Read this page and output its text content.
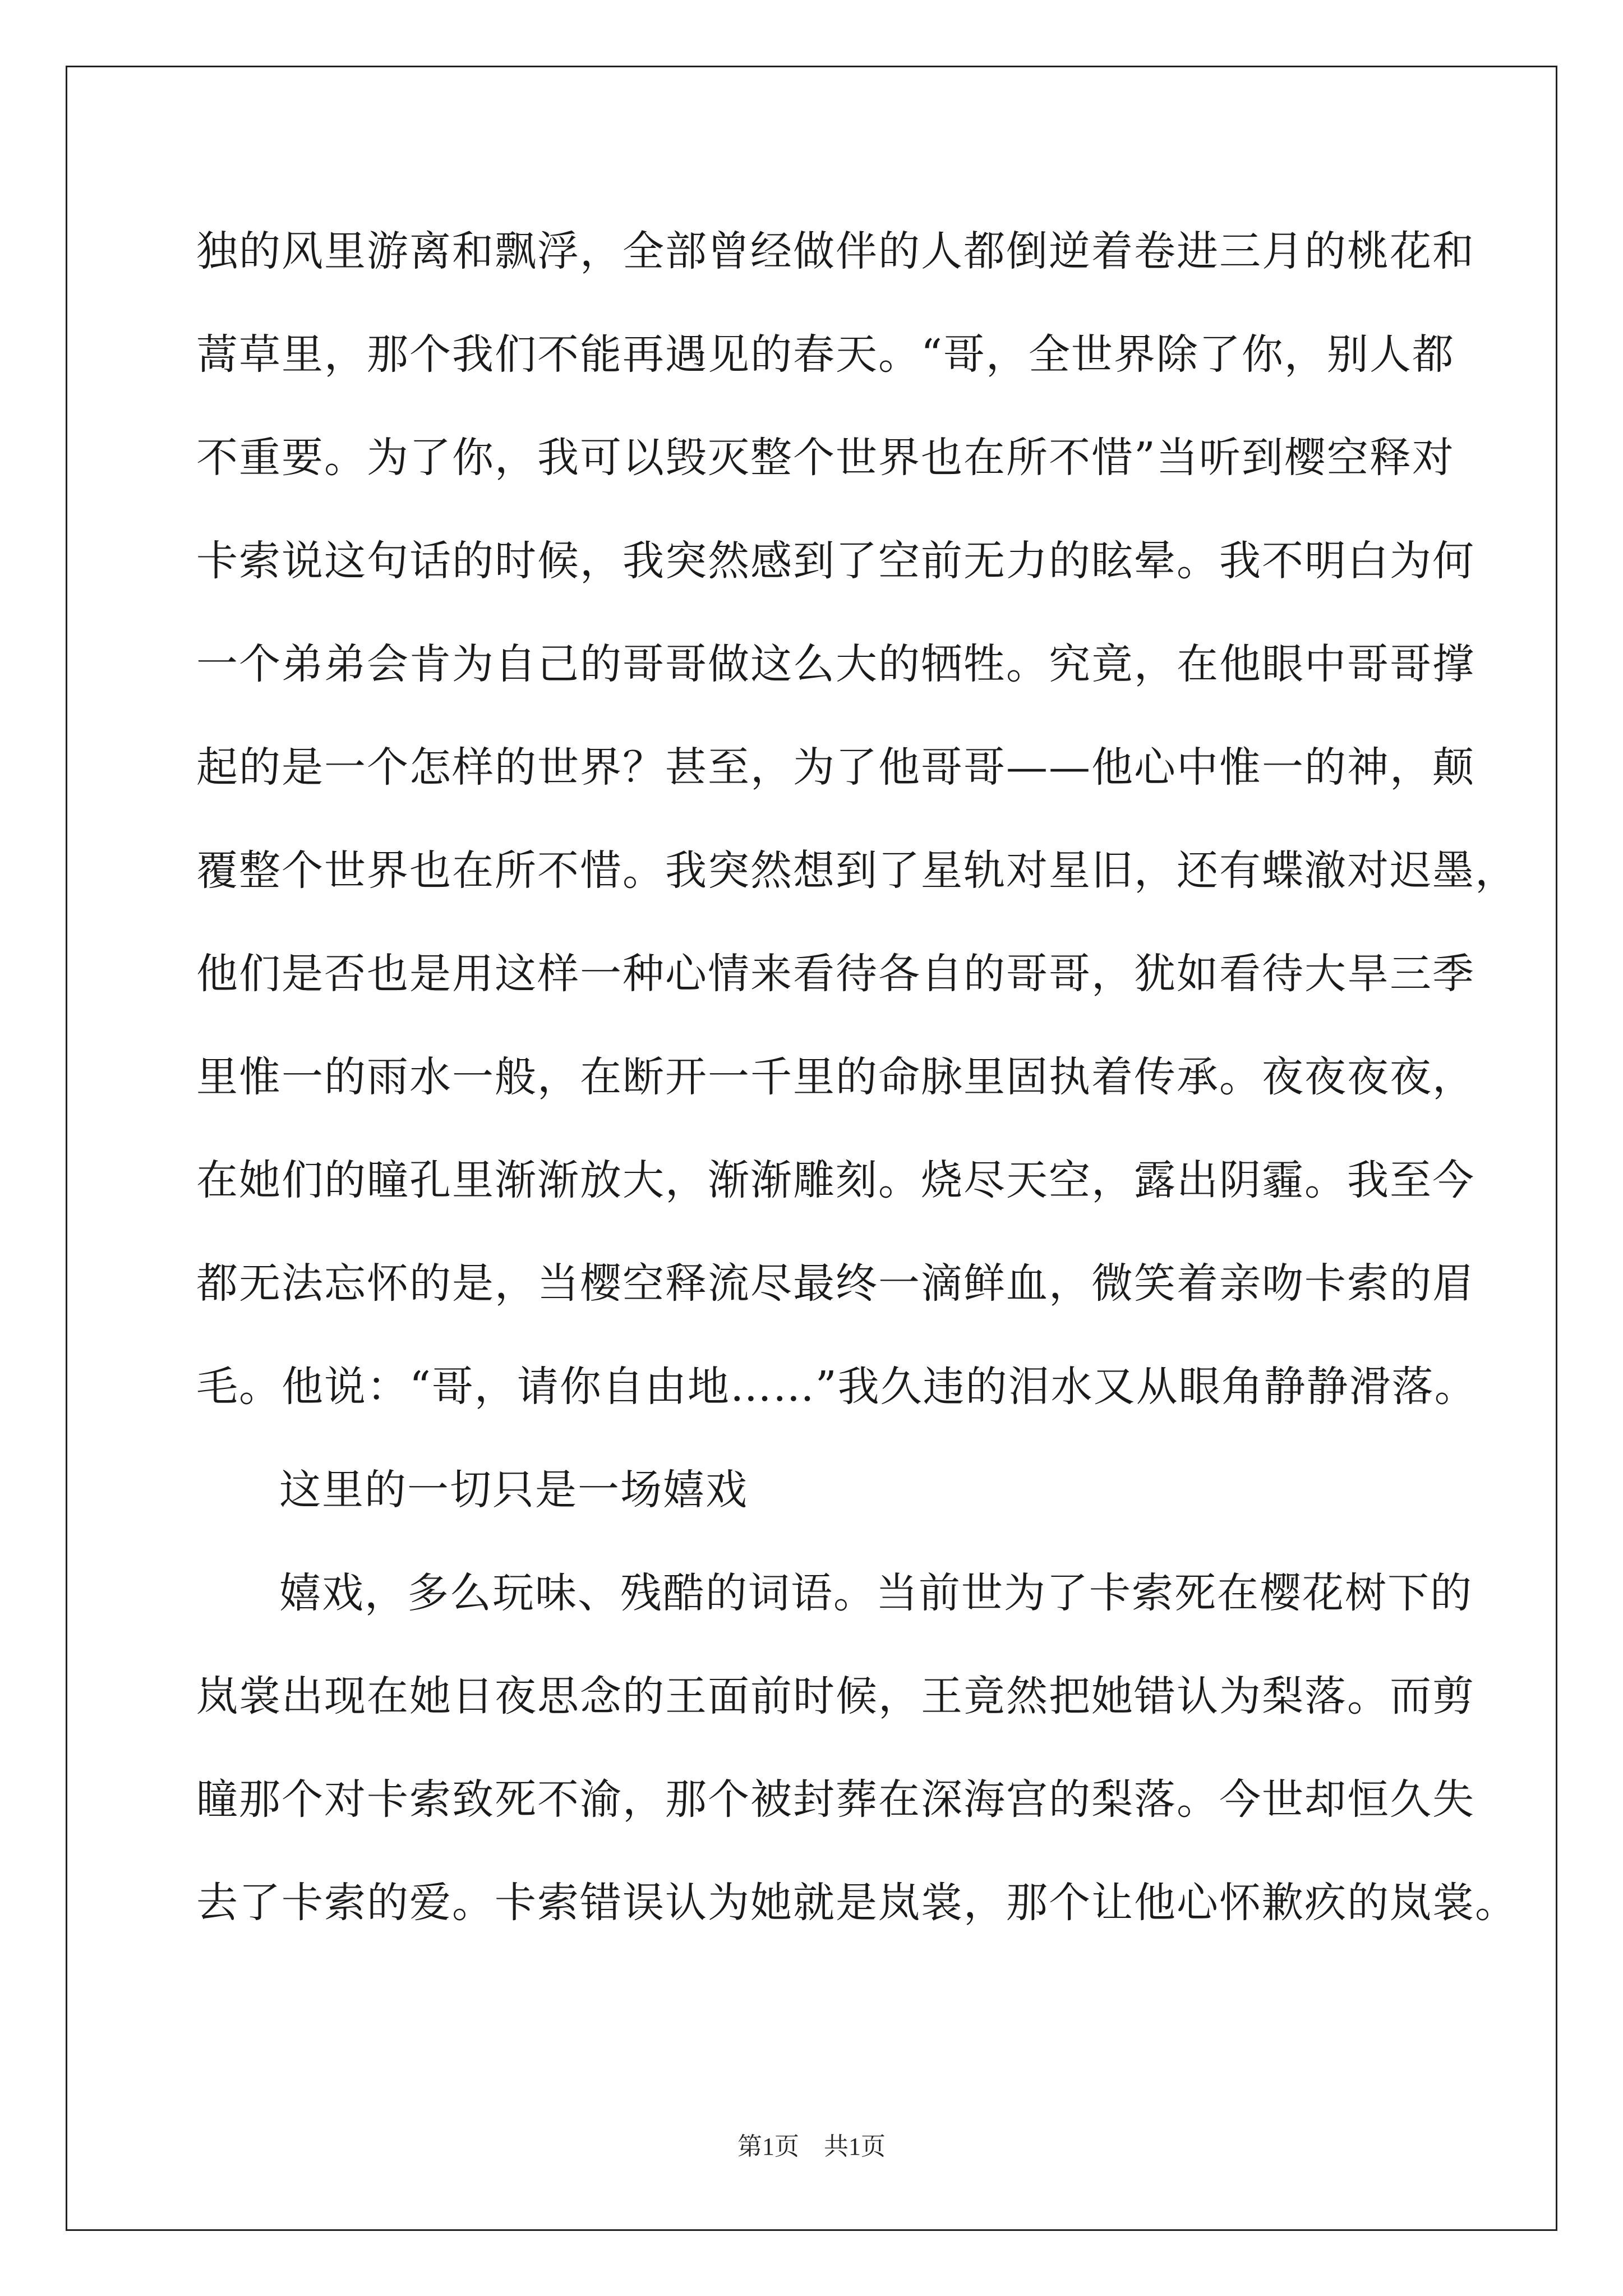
独的风里游离和飘浮，全部曾经做伴的人都倒逆着卷进三月的桃花和
蒿草里，那个我们不能再遇见的春天。“哥，全世界除了你，别人都
不重要。为了你，我可以毁灭整个世界也在所不惜”当听到樱空释对
卡索说这句话的时候，我突然感到了空前无力的眩晕。我不明白为何
一个弟弟会肯为自己的哥哥做这么大的牺牲。究竟，在他眼中哥哥撑
起的是一个怎样的世界？甚至，为了他哥哥——他心中惟一的神，颠
覆整个世界也在所不惜。我突然想到了星轨对星旧，还有蝶澈对迟墨，
他们是否也是用这样一种心情来看待各自的哥哥，犹如看待大旱三季
里惟一的雨水一般，在断开一千里的命脉里固执着传承。夜夜夜夜，
在她们的瞳孔里渐渐放大，渐渐雕刻。烧尽天空，露出阴霾。我至今
都无法忘怀的是，当樱空释流尽最终一滴鲜血，微笑着亲吻卡索的眉
毛。他说：“哥，请你自由地……”我久违的泪水又从眼角静静滑落。
这里的一切只是一场嬉戏
嬉戏，多么玩味、残酷的词语。当前世为了卡索死在樱花树下的
岚裳出现在她日夜思念的王面前时候，王竟然把她错认为梨落。而剪
瞳那个对卡索致死不渝，那个被封葬在深海宫的梨落。今世却恒久失
去了卡索的爱。卡索错误认为她就是岚裳，那个让他心怀歉疚的岚裳。
第1页　共1页
